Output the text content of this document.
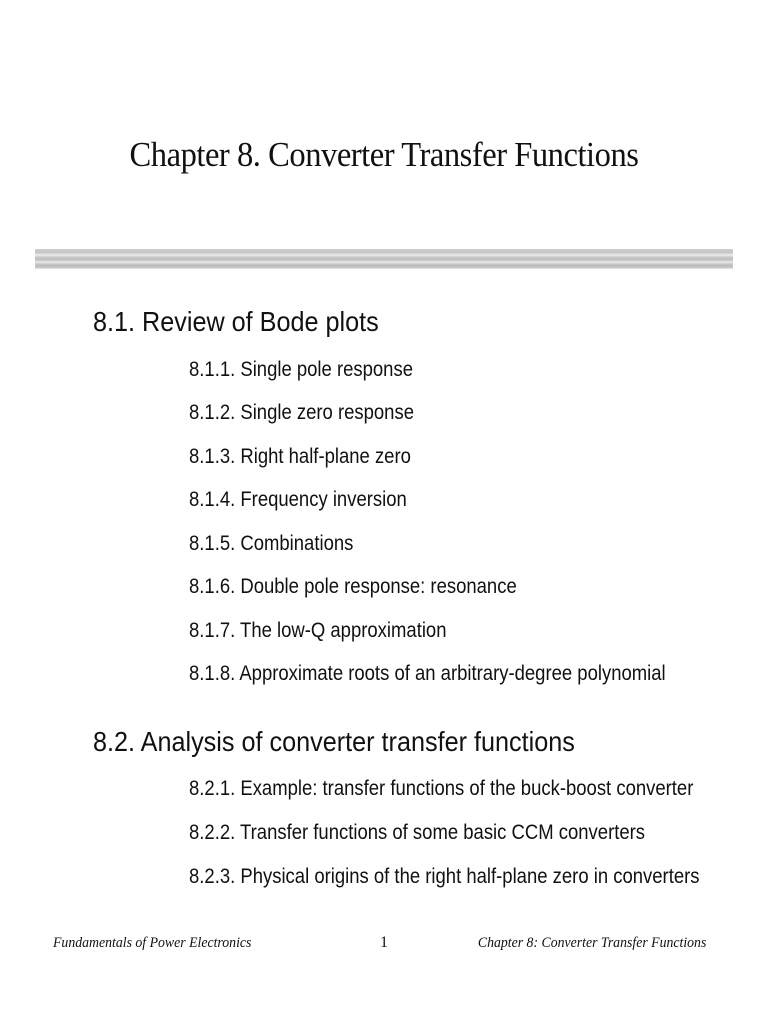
Chapter 8. Converter Transfer Functions
8.1. Review of Bode plots
8.1.1. Single pole response
8.1.2. Single zero response
8.1.3. Right half-plane zero
8.1.4. Frequency inversion
8.1.5. Combinations
8.1.6. Double pole response: resonance
8.1.7. The low-Q approximation
8.1.8. Approximate roots of an arbitrary-degree polynomial
8.2. Analysis of converter transfer functions
8.2.1. Example: transfer functions of the buck-boost converter
8.2.2. Transfer functions of some basic CCM converters
8.2.3. Physical origins of the right half-plane zero in converters
Fundamentals of Power Electronics	1	Chapter 8: Converter Transfer Functions
